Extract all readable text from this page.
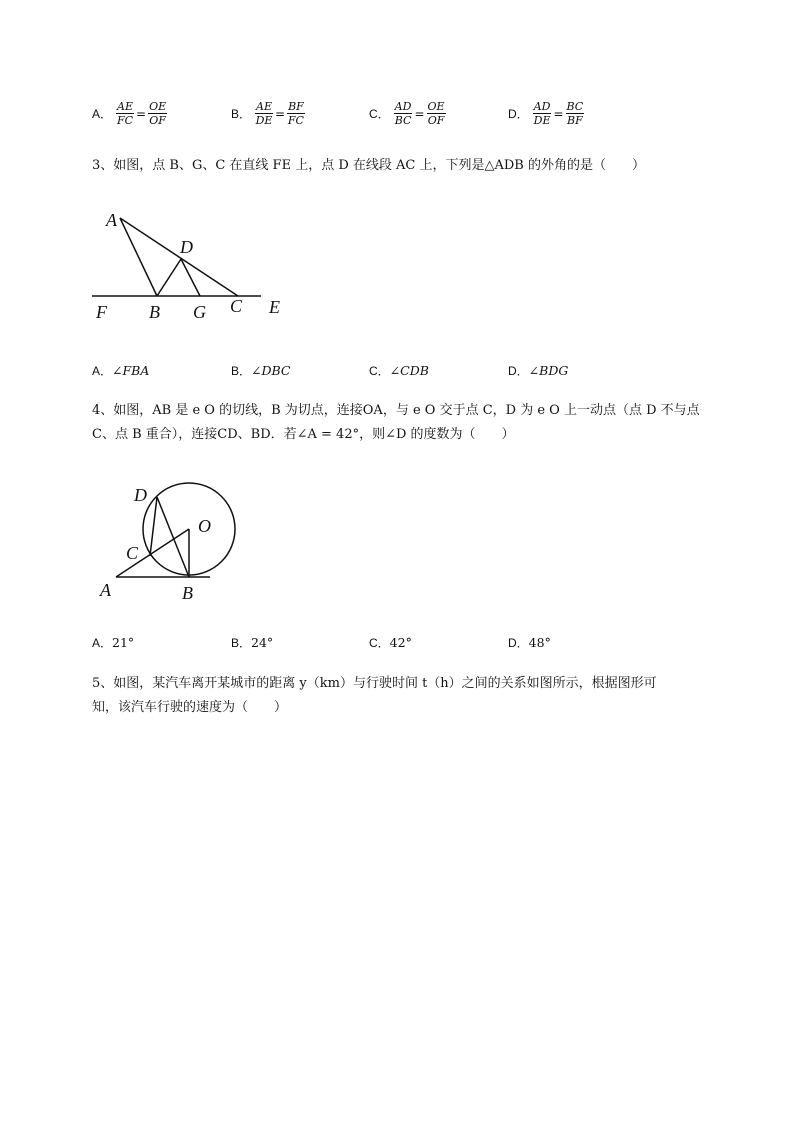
A． $\frac{AE}{FC} = \frac{OE}{OF}$	B． $\frac{AE}{DE} = \frac{BF}{FC}$	C． $\frac{AD}{BC} = \frac{OE}{OF}$	D． $\frac{AD}{DE} = \frac{BC}{BF}$
3、如图，点 B、G、C 在直线 FE 上，点 D 在线段 AC 上，下列是△ADB 的外角的是（　　）
A
D
F B G C E
A．∠FBA	B．∠DBC	C．∠CDB	D．∠BDG
4、如图，AB 是 e O 的切线，B 为切点，连接OA，与 e O 交于点 C，D 为 e O 上一动点（点 D 不与点
C、点 B 重合），连接CD、BD．若∠A = 42°，则∠D 的度数为（　　）
D
O
C
A	B
A．21°	B．24°	C．42°	D．48°
5、如图，某汽车离开某城市的距离 y（km）与行驶时间 t（h）之间的关系如图所示，根据图形可
知，该汽车行驶的速度为（　　）
